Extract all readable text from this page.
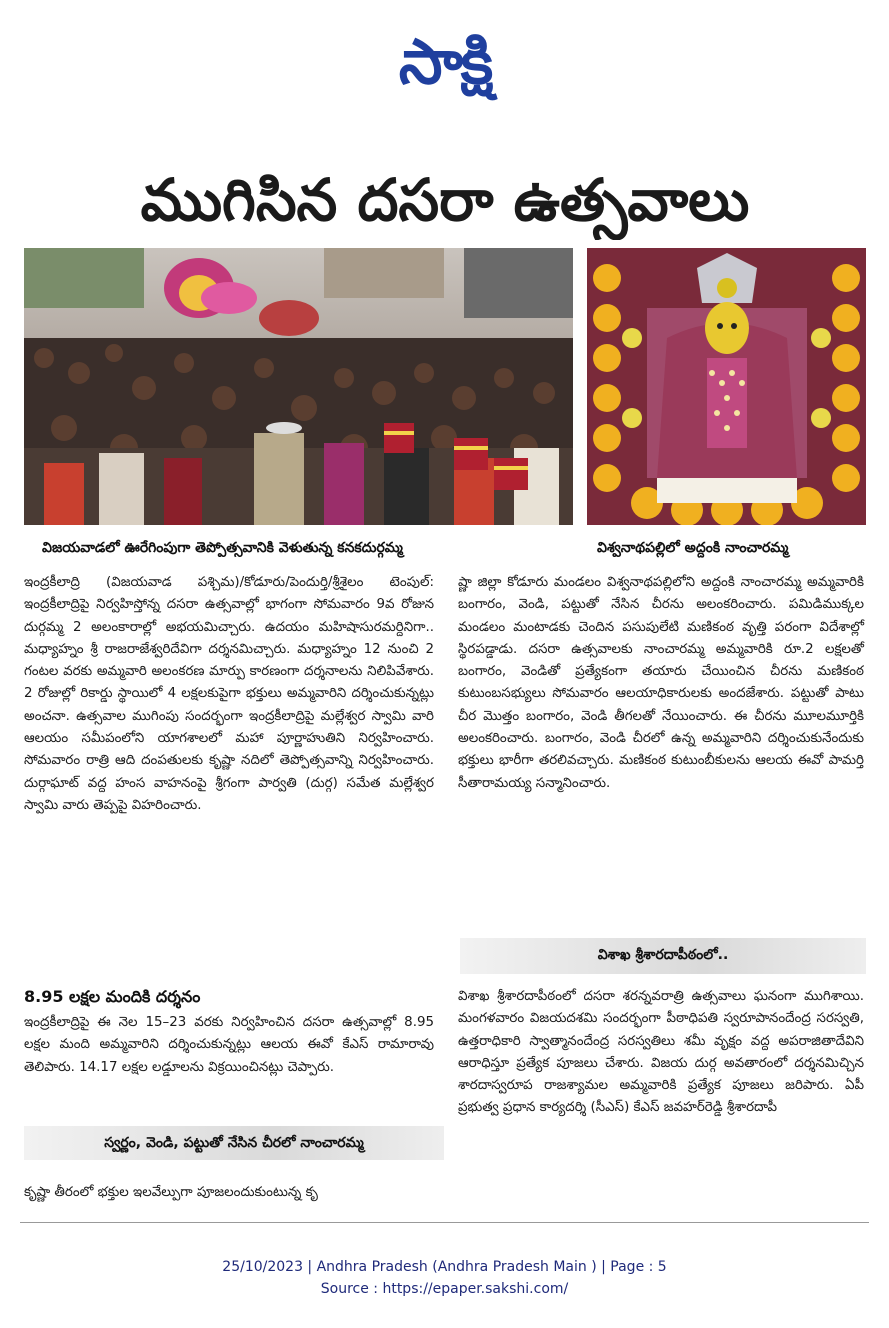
సాక్షి
ముగిసిన దసరా ఉత్సవాలు
విజయవాడలో ఊరేగింపుగా తెప్పోత్సవానికి వెళుతున్న కనకదుర్గమ్మ	విశ్వనాథపల్లిలో అద్దంకి నాంచారమ్మ

ఇంద్రకీలాద్రి (విజయవాడ పశ్చిమ)/కోడూరు/పెందుర్తి/శ్రీశైలం టెంపుల్: ఇంద్రకీలాద్రిపై నిర్వహిస్తోన్న దసరా ఉత్సవాల్లో భాగంగా సోమవారం 9వ రోజున దుర్గమ్మ 2 అలంకారాల్లో అభయమిచ్చారు. ఉదయం మహిషాసురమర్దినిగా.. మధ్యాహ్నం శ్రీ రాజరాజేశ్వరిదేవిగా దర్శనమిచ్చారు. మధ్యాహ్నం 12 నుంచి 2 గంటల వరకు అమ్మవారి అలంకరణ మార్పు కారణంగా దర్శనాలను నిలిపివేశారు. 2 రోజుల్లో రికార్డు స్థాయిలో 4 లక్షలకుపైగా భక్తులు అమ్మవారిని దర్శించుకున్నట్లు అంచనా. ఉత్సవాల ముగింపు సందర్భంగా ఇంద్రకీలాద్రిపై మల్లేశ్వర స్వామి వారి ఆలయం సమీపంలోని యాగశాలలో మహా పూర్ణాహుతిని నిర్వహించారు. సోమవారం రాత్రి ఆది దంపతులకు కృష్ణా నదిలో తెప్పోత్సవాన్ని నిర్వహించారు. దుర్గాఘాట్ వద్ద హంస వాహనంపై శ్రీగంగా పార్వతి (దుర్గ) సమేత మల్లేశ్వర స్వామి వారు తెప్పపై విహరించారు.

8.95 లక్షల మందికి దర్శనం

ఇంద్రకీలాద్రిపై ఈ నెల 15–23 వరకు నిర్వహించిన దసరా ఉత్సవాల్లో 8.95 లక్షల మంది అమ్మవారిని దర్శించుకున్నట్లు ఆలయ ఈవో కేఎస్ రామారావు తెలిపారు. 14.17 లక్షల లడ్డూలను విక్రయించినట్లు చెప్పారు.

స్వర్ణం, వెండి, పట్టుతో నేసిన చీరలో నాంచారమ్మ

కృష్ణా తీరంలో భక్తుల ఇలవేల్పుగా పూజలందుకుంటున్న కృ

ష్ణా జిల్లా కోడూరు మండలం విశ్వనాథపల్లిలోని అద్దంకి నాంచారమ్మ అమ్మవారికి బంగారం, వెండి, పట్టుతో నేసిన చీరను అలంకరించారు. పమిడిముక్కల మండలం మంటాడకు చెందిన పసుపులేటి మణికంఠ వృత్తి పరంగా విదేశాల్లో స్థిరపడ్డాడు. దసరా ఉత్సవాలకు నాంచారమ్మ అమ్మవారికి రూ.2 లక్షలతో బంగారం, వెండితో ప్రత్యేకంగా తయారు చేయించిన చీరను మణికంఠ కుటుంబసభ్యులు సోమవారం ఆలయాధికారులకు అందజేశారు. పట్టుతో పాటు చీర మొత్తం బంగారం, వెండి తీగలతో నేయించారు. ఈ చీరను మూలమూర్తికి అలంకరించారు. బంగారం, వెండి చీరలో ఉన్న అమ్మవారిని దర్శించుకునేందుకు భక్తులు భారీగా తరలివచ్చారు. మణికంఠ కుటుంబీకులను ఆలయ ఈవో పామర్తి సీతారామయ్య సన్మానించారు.

విశాఖ శ్రీశారదాపీఠంలో..

విశాఖ శ్రీశారదాపీఠంలో దసరా శరన్నవరాత్రి ఉత్సవాలు ఘనంగా ముగిశాయి. మంగళవారం విజయదశమి సందర్భంగా పీఠాధిపతి స్వరూపానందేంద్ర సరస్వతి, ఉత్తరాధికారి స్వాత్మానందేంద్ర సరస్వతిలు శమీ వృక్షం వద్ద అపరాజితాదేవిని ఆరాధిస్తూ ప్రత్యేక పూజలు చేశారు. విజయ దుర్గ అవతారంలో దర్శనమిచ్చిన శారదాస్వరూప రాజశ్యామల అమ్మవారికి ప్రత్యేక పూజలు జరిపారు. ఏపీ ప్రభుత్వ ప్రధాన కార్యదర్శి (సీఎస్) కేఎస్ జవహర్‌రెడ్డి శ్రీశారదాపీ

25/10/2023 | Andhra Pradesh (Andhra Pradesh Main ) | Page : 5
Source : https://epaper.sakshi.com/
